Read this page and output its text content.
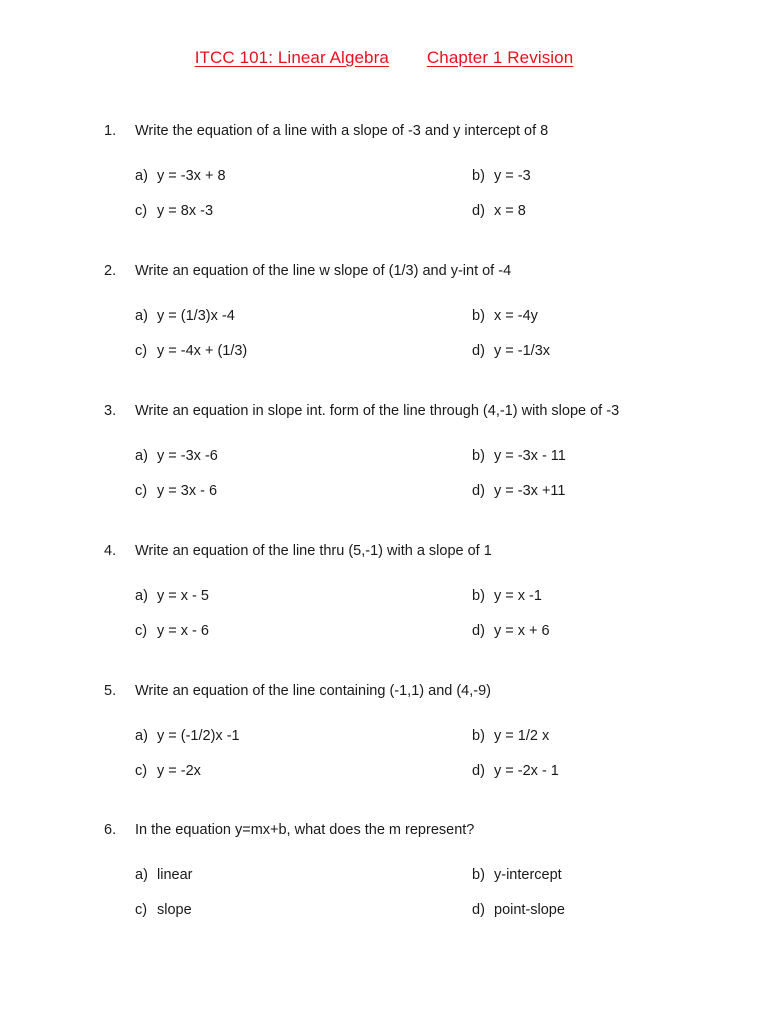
ITCC 101: Linear Algebra Chapter 1 Revision
1. Write the equation of a line with a slope of -3 and y intercept of 8
a) y = -3x + 8	b) y = -3
c) y = 8x -3	d) x = 8
2. Write an equation of the line w slope of (1/3) and y-int of -4
a) y = (1/3)x -4	b) x = -4y
c) y = -4x + (1/3)	d) y = -1/3x
3. Write an equation in slope int. form of the line through (4,-1) with slope of -3
a) y = -3x -6	b) y = -3x - 11
c) y = 3x - 6	d) y = -3x +11
4. Write an equation of the line thru (5,-1) with a slope of 1
a) y = x - 5	b) y = x -1
c) y = x - 6	d) y = x + 6
5. Write an equation of the line containing (-1,1) and (4,-9)
a) y = (-1/2)x -1	b) y = 1/2 x
c) y = -2x	d) y = -2x - 1
6. In the equation y=mx+b, what does the m represent?
a) linear	b) y-intercept
c) slope	d) point-slope
